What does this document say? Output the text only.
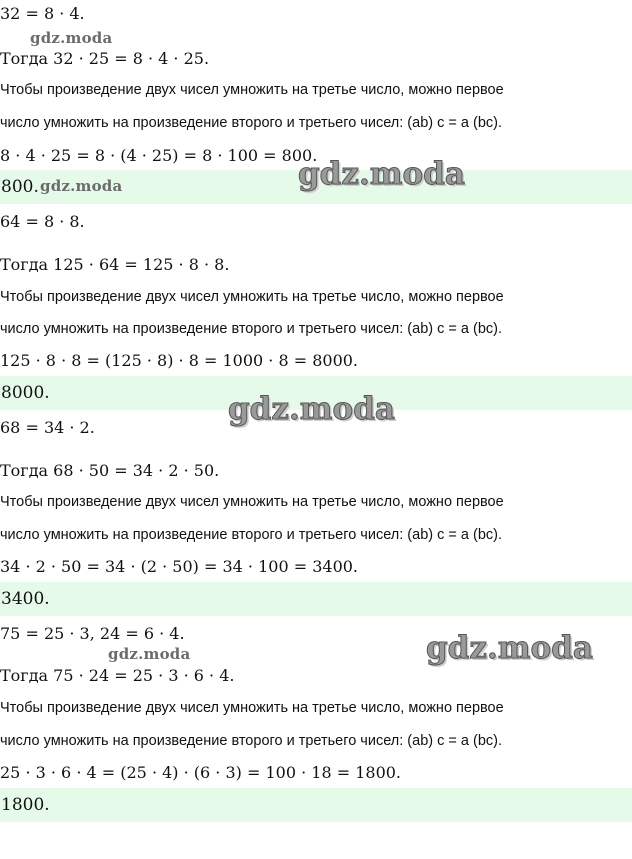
32 = 8 · 4.
gdz.moda
Тогда 32 · 25 = 8 · 4 · 25.
Чтобы произведение двух чисел умножить на третье число, можно первое
число умножить на произведение второго и третьего чисел: (ab) c = a (bc).
8 · 4 · 25 = 8 · (4 · 25) = 8 · 100 = 800.
800. gdz.moda	gdz.moda
64 = 8 · 8.
Тогда 125 · 64 = 125 · 8 · 8.
Чтобы произведение двух чисел умножить на третье число, можно первое
число умножить на произведение второго и третьего чисел: (ab) c = a (bc).
125 · 8 · 8 = (125 · 8) · 8 = 1000 · 8 = 8000.
8000.	gdz.moda
68 = 34 · 2.
Тогда 68 · 50 = 34 · 2 · 50.
Чтобы произведение двух чисел умножить на третье число, можно первое
число умножить на произведение второго и третьего чисел: (ab) c = a (bc).
34 · 2 · 50 = 34 · (2 · 50) = 34 · 100 = 3400.
3400.
75 = 25 · 3, 24 = 6 · 4.
gdz.moda	gdz.moda
Тогда 75 · 24 = 25 · 3 · 6 · 4.
Чтобы произведение двух чисел умножить на третье число, можно первое
число умножить на произведение второго и третьего чисел: (ab) c = a (bc).
25 · 3 · 6 · 4 = (25 · 4) · (6 · 3) = 100 · 18 = 1800.
1800.
